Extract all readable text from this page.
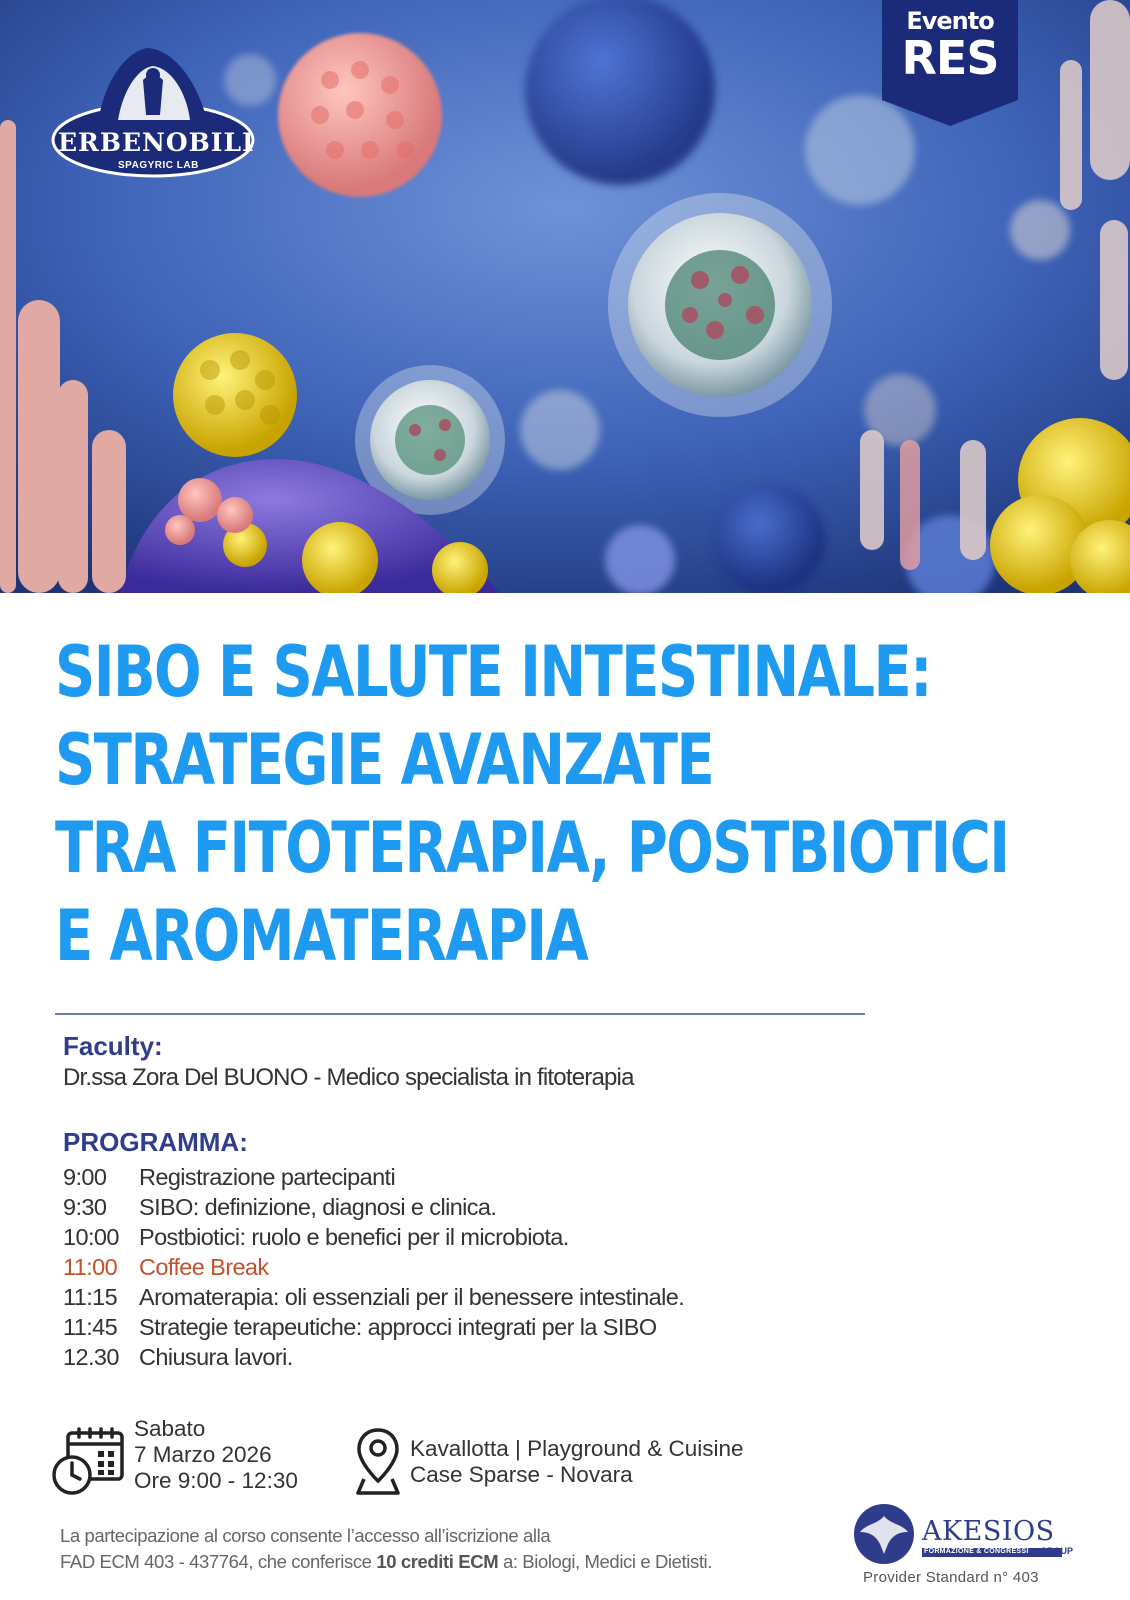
Evento
RES
ERBENOBILI
SPAGYRIC LAB
SIBO E SALUTE INTESTINALE:
STRATEGIE AVANZATE
TRA FITOTERAPIA, POSTBIOTICI
E AROMATERAPIA
Faculty:
Dr.ssa Zora Del BUONO - Medico specialista in fitoterapia
PROGRAMMA:
9:00 Registrazione partecipanti
9:30 SIBO: definizione, diagnosi e clinica.
10:00 Postbiotici: ruolo e benefici per il microbiota.
11:00 Coffee Break
11:15 Aromaterapia: oli essenziali per il benessere intestinale.
11:45 Strategie terapeutiche: approcci integrati per la SIBO
12.30 Chiusura lavori.
Sabato
7 Marzo 2026
Ore 9:00 - 12:30
Kavallotta | Playground & Cuisine
Case Sparse - Novara
La partecipazione al corso consente l’accesso all’iscrizione alla
FAD ECM 403 - 437764, che conferisce 10 crediti ECM a: Biologi, Medici e Dietisti.
AKESIOS
FORMAZIONE & CONGRESSI GROUP
Provider Standard n° 403
